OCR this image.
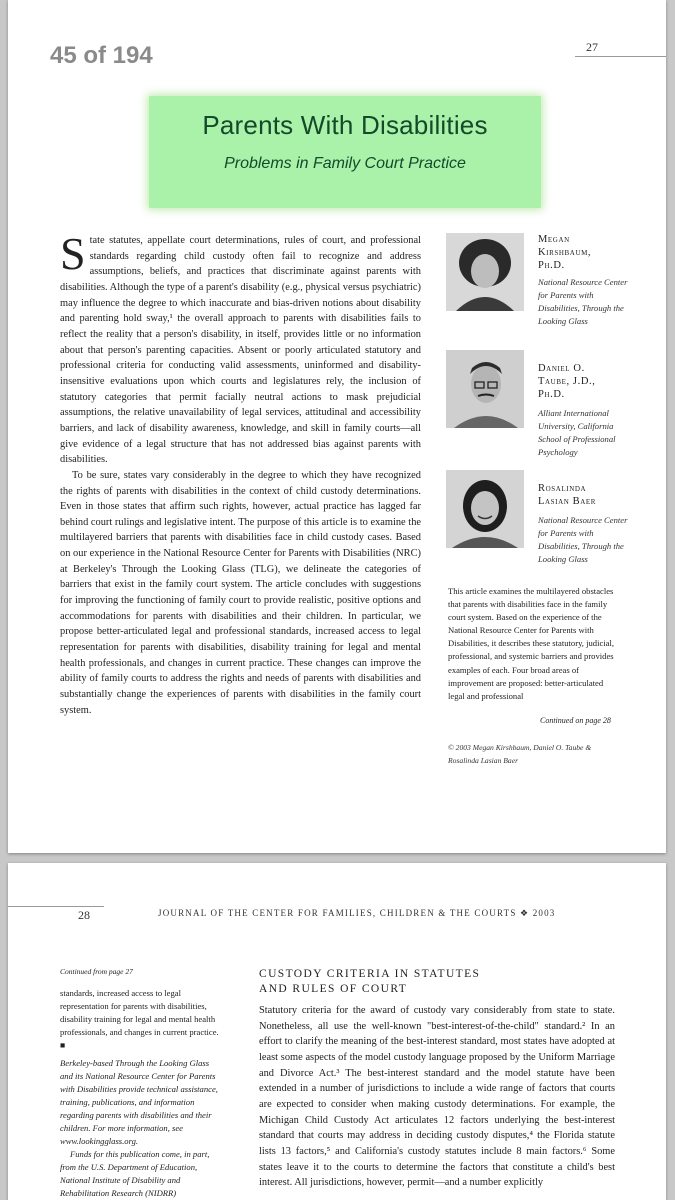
45 of 194	27
Parents With Disabilities
Problems in Family Court Practice

State statutes, appellate court determinations, rules of court, and professional standards regarding child custody often fail to recognize and address assumptions, beliefs, and practices that discriminate against parents with disabilities. Although the type of a parent's disability (e.g., physical versus psychiatric) may influence the degree to which inaccurate and bias-driven notions about disability and parenting hold sway,¹ the overall approach to parents with disabilities fails to reflect the reality that a person's disability, in itself, provides little or no information about that person's parenting capacities. Absent or poorly articulated statutory and professional criteria for conducting valid assessments, uninformed and disability-insensitive evaluations upon which courts and legislatures rely, the inclusion of statutory categories that permit facially neutral actions to mask prejudicial assumptions, the relative unavailability of legal services, attitudinal and accessibility barriers, and lack of disability awareness, knowledge, and skill in family courts—all give evidence of a legal structure that has not addressed bias against parents with disabilities.

To be sure, states vary considerably in the degree to which they have recognized the rights of parents with disabilities in the context of child custody determinations. Even in those states that affirm such rights, however, actual practice has lagged far behind court rulings and legislative intent. The purpose of this article is to examine the multilayered barriers that parents with disabilities face in child custody cases. Based on our experience in the National Resource Center for Parents with Disabilities (NRC) at Berkeley's Through the Looking Glass (TLG), we delineate the categories of barriers that exist in the family court system. The article concludes with suggestions for improving the functioning of family court to provide realistic, positive options and accommodations for parents with disabilities and their children. In particular, we propose better-articulated legal and professional standards, increased access to legal representation for parents with disabilities, disability training for legal and mental health professionals, and changes in current practice. These changes can improve the ability of family courts to address the rights and needs of parents with disabilities and substantially change the experiences of parents with disabilities in the family court system.

Megan
Kirshbaum,
Ph.D.
National Resource Center for Parents with Disabilities, Through the Looking Glass
Daniel O.
Taube, J.D.,
Ph.D.
Alliant International University, California School of Professional Psychology
Rosalinda
Lasian Baer
National Resource Center for Parents with Disabilities, Through the Looking Glass
This article examines the multilayered obstacles that parents with disabilities face in the family court system. Based on the experience of the National Resource Center for Parents with Disabilities, it describes these statutory, judicial, professional, and systemic barriers and provides examples of each. Four broad areas of improvement are proposed: better-articulated legal and professional
Continued on page 28
© 2003 Megan Kirshbaum, Daniel O. Taube & Rosalinda Lasian Baer
28	JOURNAL OF THE CENTER FOR FAMILIES, CHILDREN & THE COURTS ❖ 2003
Continued from page 27

standards, increased access to legal representation for parents with disabilities, disability training for legal and mental health professionals, and changes in current practice. ■

Berkeley-based Through the Looking Glass and its National Resource Center for Parents with Disabilities provide technical assistance, training, publications, and information regarding parents with disabilities and their children. For more information, see www.lookingglass.org.

Funds for this publication come, in part, from the U.S. Department of Education, National Institute of Disability and Rehabilitation Research (NIDRR)

CUSTODY CRITERIA IN STATUTES
AND RULES OF COURT
Statutory criteria for the award of custody vary considerably from state to state. Nonetheless, all use the well-known "best-interest-of-the-child" standard.² In an effort to clarify the meaning of the best-interest standard, most states have adopted at least some aspects of the model custody language proposed by the Uniform Marriage and Divorce Act.³ The best-interest standard and the model statute have been extended in a number of jurisdictions to include a wide range of factors that courts are expected to consider when making custody determinations. For example, the Michigan Child Custody Act articulates 12 factors underlying the best-interest standard that courts may address in deciding custody disputes,⁴ the Florida statute lists 13 factors,⁵ and California's custody statutes include 8 main factors.⁶ Some states leave it to the courts to determine the factors that constitute a child's best interest. All jurisdictions, however, permit—and a number explicitly
